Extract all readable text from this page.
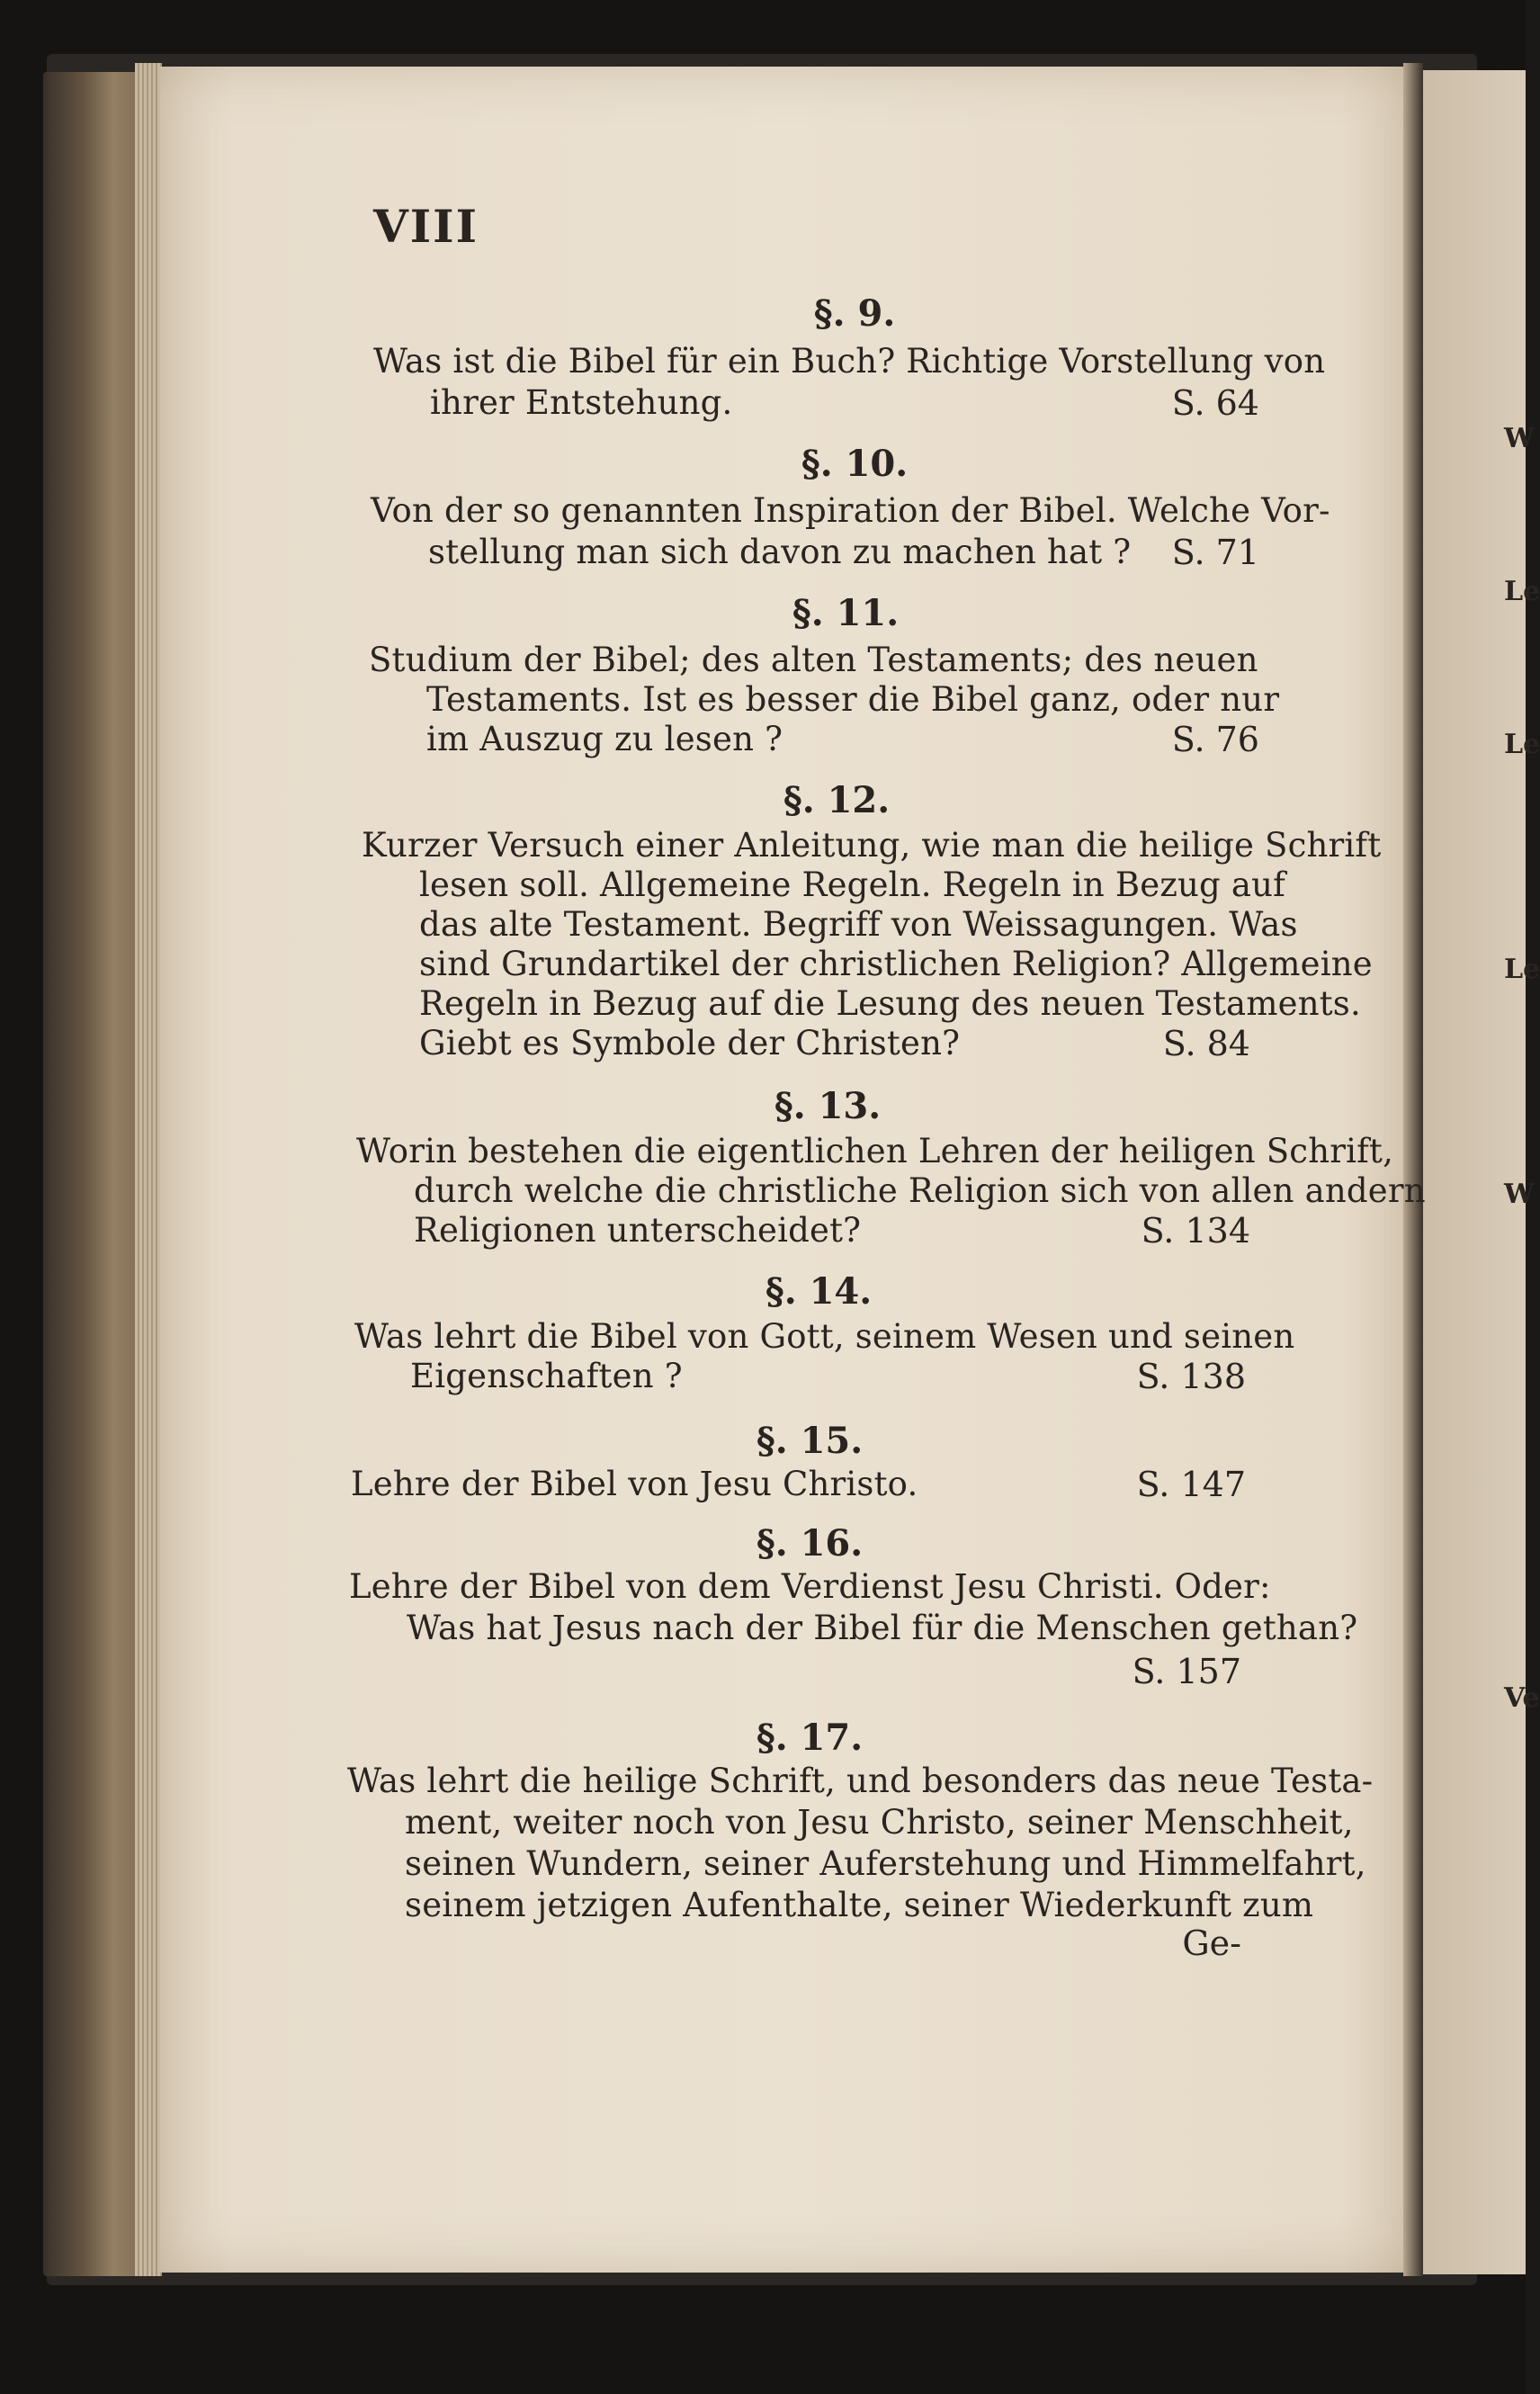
W
Le
Le
Le
W
Ve
VIII
§. 9.
Was ist die Bibel für ein Buch? Richtige Vorstellung von
ihrer Entstehung.	S. 64
§. 10.
Von der so genannten Inspiration der Bibel. Welche Vor-
stellung man sich davon zu machen hat ?	S. 71
§. 11.
Studium der Bibel; des alten Testaments; des neuen
Testaments. Ist es besser die Bibel ganz, oder nur
im Auszug zu lesen ?	S. 76
§. 12.
Kurzer Versuch einer Anleitung, wie man die heilige Schrift
lesen soll. Allgemeine Regeln. Regeln in Bezug auf
das alte Testament. Begriff von Weissagungen. Was
sind Grundartikel der christlichen Religion? Allgemeine
Regeln in Bezug auf die Lesung des neuen Testaments.
Giebt es Symbole der Christen?	S. 84
§. 13.
Worin bestehen die eigentlichen Lehren der heiligen Schrift,
durch welche die christliche Religion sich von allen andern
Religionen unterscheidet?	S. 134
§. 14.
Was lehrt die Bibel von Gott, seinem Wesen und seinen
Eigenschaften ?	S. 138
§. 15.
Lehre der Bibel von Jesu Christo.	S. 147
§. 16.
Lehre der Bibel von dem Verdienst Jesu Christi. Oder:
Was hat Jesus nach der Bibel für die Menschen gethan?
S. 157
§. 17.
Was lehrt die heilige Schrift, und besonders das neue Testa-
ment, weiter noch von Jesu Christo, seiner Menschheit,
seinen Wundern, seiner Auferstehung und Himmelfahrt,
seinem jetzigen Aufenthalte, seiner Wiederkunft zum
Ge-
